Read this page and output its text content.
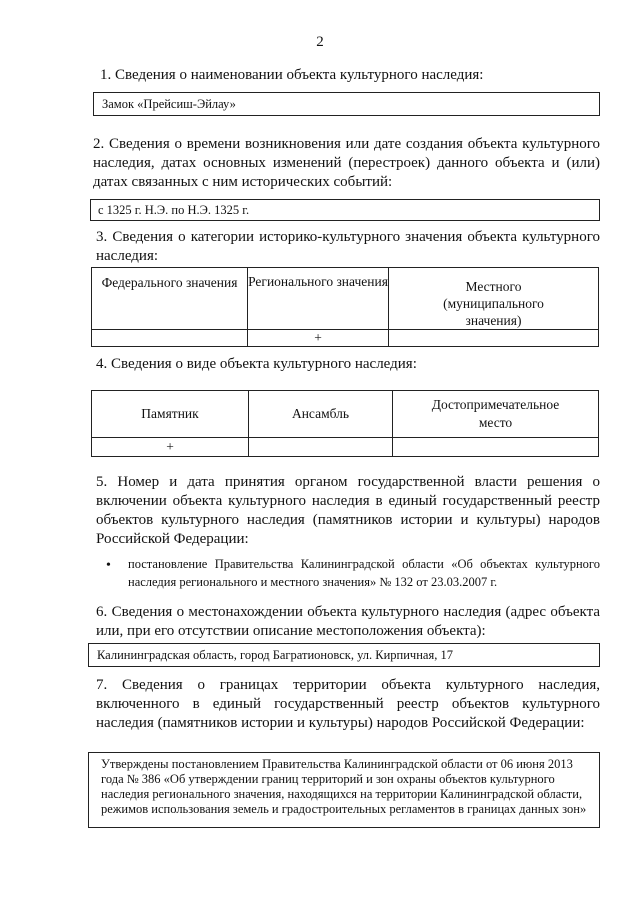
2
1. Сведения о наименовании объекта культурного наследия:
Замок «Прейсиш-Эйлау»
2. Сведения о времени возникновения или дате создания объекта культурного наследия, датах основных изменений (перестроек) данного объекта и (или) датах связанных с ним исторических событий:
с 1325 г. Н.Э. по Н.Э. 1325 г.
3. Сведения о категории историко-культурного значения объекта культурного наследия:
Федерального значения	Регионального значения	Местного (муниципального значения)
	+	
4. Сведения о виде объекта культурного наследия:
Памятник	Ансамбль	Достопримечательное место
+		
5. Номер и дата принятия органом государственной власти решения о включении объекта культурного наследия в единый государственный реестр объектов культурного наследия (памятников истории и культуры) народов Российской Федерации:
• постановление Правительства Калининградской области «Об объектах культурного наследия регионального и местного значения» № 132 от 23.03.2007 г.
6. Сведения о местонахождении объекта культурного наследия (адрес объекта или, при его отсутствии описание местоположения объекта):
Калининградская область, город Багратионовск, ул. Кирпичная, 17
7. Сведения о границах территории объекта культурного наследия, включенного в единый государственный реестр объектов культурного наследия (памятников истории и культуры) народов Российской Федерации:
Утверждены постановлением Правительства Калининградской области от 06 июня 2013 года № 386 «Об утверждении границ территорий и зон охраны объектов культурного наследия регионального значения, находящихся на территории Калининградской области, режимов использования земель и градостроительных регламентов в границах данных зон»
